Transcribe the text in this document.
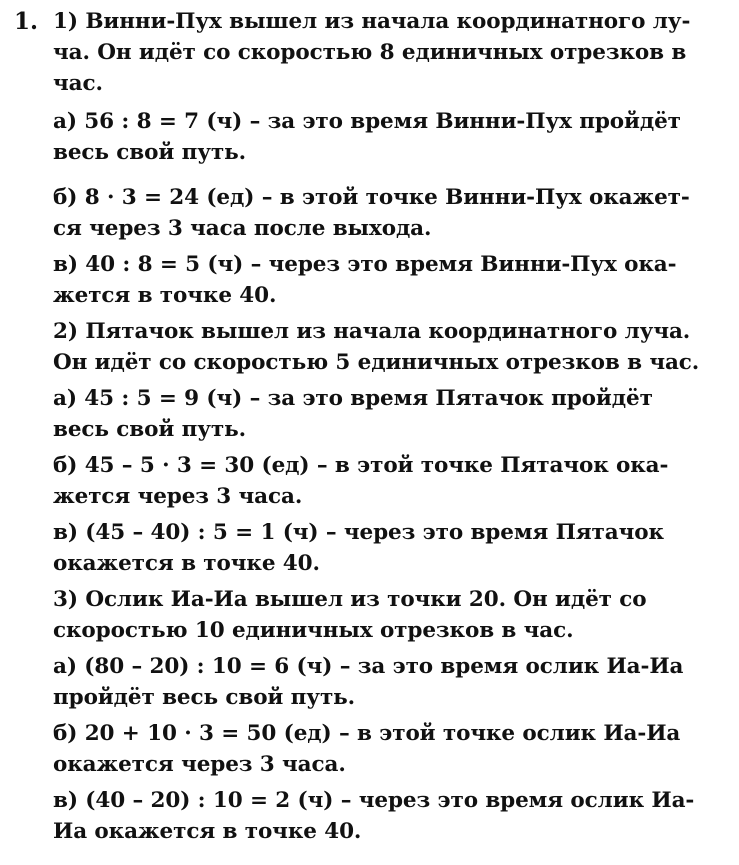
1. 1) Винни-Пух вышел из начала координатного лу-
ча. Он идёт со скоростью 8 единичных отрезков в
час.
а) 56 : 8 = 7 (ч) – за это время Винни-Пух пройдёт
весь свой путь.
б) 8 · 3 = 24 (ед) – в этой точке Винни-Пух окажет-
ся через 3 часа после выхода.
в) 40 : 8 = 5 (ч) – через это время Винни-Пух ока-
жется в точке 40.
2) Пятачок вышел из начала координатного луча.
Он идёт со скоростью 5 единичных отрезков в час.
а) 45 : 5 = 9 (ч) – за это время Пятачок пройдёт
весь свой путь.
б) 45 – 5 · 3 = 30 (ед) – в этой точке Пятачок ока-
жется через 3 часа.
в) (45 – 40) : 5 = 1 (ч) – через это время Пятачок
окажется в точке 40.
3) Ослик Иа-Иа вышел из точки 20. Он идёт со
скоростью 10 единичных отрезков в час.
а) (80 – 20) : 10 = 6 (ч) – за это время ослик Иа-Иа
пройдёт весь свой путь.
б) 20 + 10 · 3 = 50 (ед) – в этой точке ослик Иа-Иа
окажется через 3 часа.
в) (40 – 20) : 10 = 2 (ч) – через это время ослик Иа-
Иа окажется в точке 40.
